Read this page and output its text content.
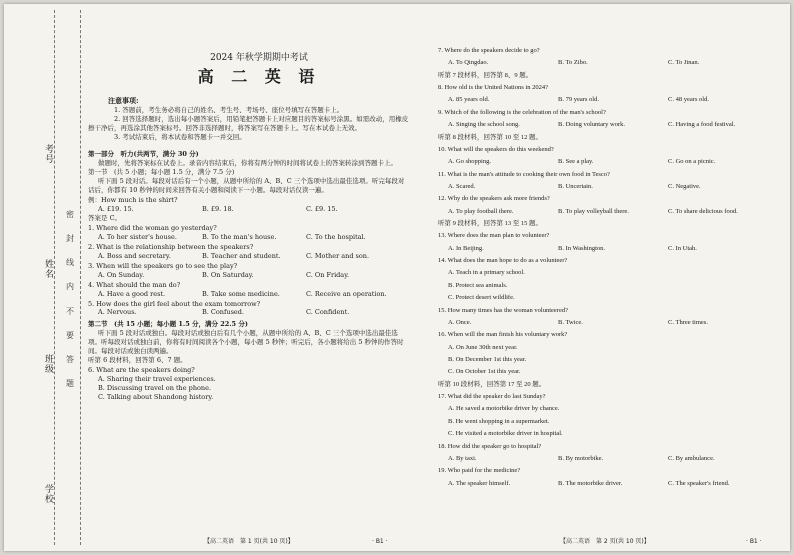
考号
姓名
班级
学校
密
封
线
内
不
要
答
题
2024 年秋学期期中考试
高 二 英 语
注意事项:

1. 答题前，考生务必将自己的姓名、考生号、考场号、座位号填写在答题卡上。

2. 回答选择题时，选出每小题答案后，用铅笔把答题卡上对应题目的答案标号涂黑。如需改动，用橡皮擦干净后，再选涂其他答案标号。回答非选择题时，将答案写在答题卡上。写在本试卷上无效。

3. 考试结束后，将本试卷和答题卡一并交回。

第一部分　听力(共两节，满分 30 分)

做题时，先将答案标在试卷上。录音内容结束后，你将有两分钟的时间将试卷上的答案转涂到答题卡上。

第一节　(共 5 小题；每小题 1.5 分，满分 7.5 分)

听下面 5 段对话。每段对话后有一个小题，从题中所给的 A、B、C 三个选项中选出最佳选项。听完每段对话后，你都有 10 秒钟的时间来回答有关小题和阅读下一小题。每段对话仅读一遍。

例：How much is the shirt?
A. £19. 15.	B. £9. 18.	C. £9. 15.
答案是 C。
1. Where did the woman go yesterday?
A. To her sister's house.	B. To the man's house.	C. To the hospital.
2. What is the relationship between the speakers?
A. Boss and secretary.	B. Teacher and student.	C. Mother and son.
3. When will the speakers go to see the play?
A. On Sunday.	B. On Saturday.	C. On Friday.
4. What should the man do?
A. Have a good rest.	B. Take some medicine.	C. Receive an operation.
5. How does the girl feel about the exam tomorrow?
A. Nervous.	B. Confused.	C. Confident.
第二节　(共 15 小题；每小题 1.5 分，满分 22.5 分)

听下面 5 段对话或独白。每段对话或独白后有几个小题，从题中所给的 A、B、C 三个选项中选出最佳选项。听每段对话或独白前，你将有时间阅读各个小题，每小题 5 秒钟；听完后，各小题将给出 5 秒钟的作答时间。每段对话或独白读两遍。

听第 6 段材料，回答第 6、7 题。
6. What are the speakers doing?
A. Sharing their travel experiences.
B. Discussing travel on the phone.
C. Talking about Shandong history.
【高二英语　第 1 页(共 10 页)】	· B1 ·
7. Where do the speakers decide to go?
A. To Qingdao.	B. To Zibo.	C. To Jinan.
听第 7 段材料，回答第 8、9 题。
8. How old is the United Nations in 2024?
A. 85 years old.	B. 79 years old.	C. 48 years old.
9. Which of the following is the celebration of the man's school?
A. Singing the school song.	B. Doing voluntary work.	C. Having a food festival.
听第 8 段材料，回答第 10 至 12 题。
10. What will the speakers do this weekend?
A. Go shopping.	B. See a play.	C. Go on a picnic.
11. What is the man's attitude to cooking their own food in Tesco?
A. Scared.	B. Uncertain.	C. Negative.
12. Why do the speakers ask more friends?
A. To play football there.	B. To play volleyball there.	C. To share delicious food.
听第 9 段材料，回答第 13 至 15 题。
13. Where does the man plan to volunteer?
A. In Beijing.	B. In Washington.	C. In Utah.
14. What does the man hope to do as a volunteer?
A. Teach in a primary school.
B. Protect sea animals.
C. Protect desert wildlife.
15. How many times has the woman volunteered?
A. Once.	B. Twice.	C. Three times.
16. When will the man finish his voluntary work?
A. On June 30th next year.
B. On December 1st this year.
C. On October 1st this year.
听第 10 段材料，回答第 17 至 20 题。
17. What did the speaker do last Sunday?
A. He saved a motorbike driver by chance.
B. He went shopping in a supermarket.
C. He visited a motorbike driver in hospital.
18. How did the speaker go to hospital?
A. By taxi.	B. By motorbike.	C. By ambulance.
19. Who paid for the medicine?
A. The speaker himself.	B. The motorbike driver.	C. The speaker's friend.
【高二英语　第 2 页(共 10 页)】	· B1 ·
